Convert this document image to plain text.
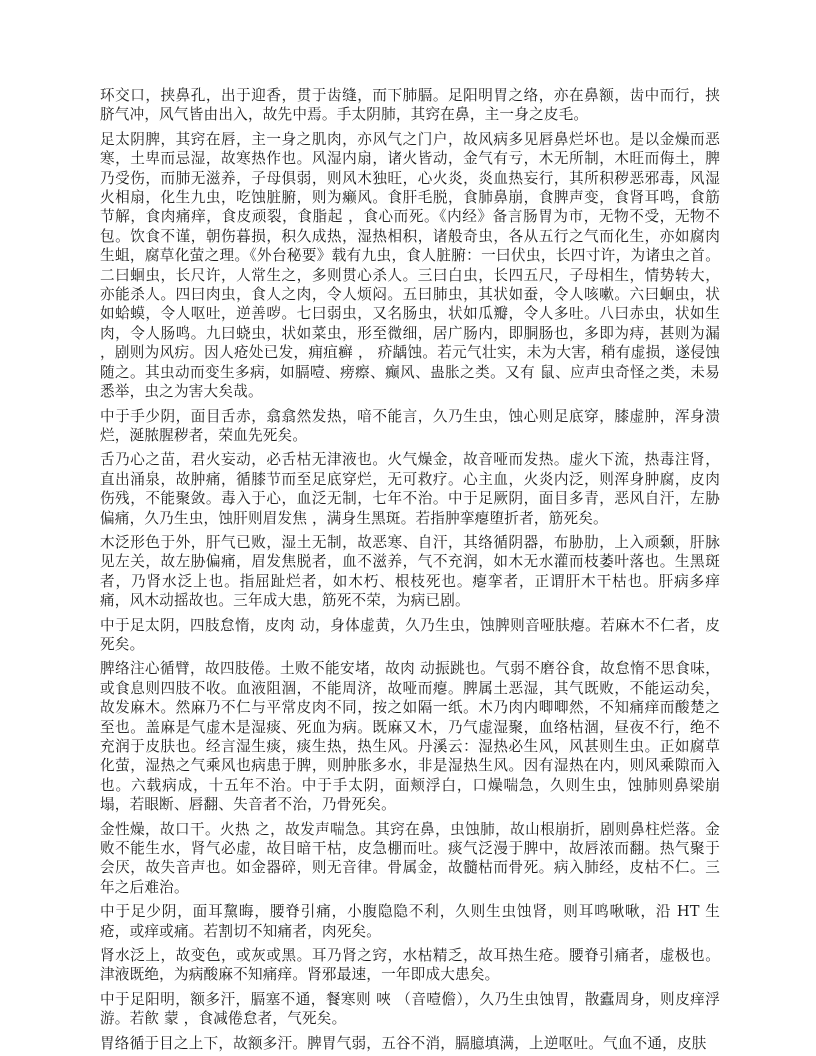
环交口，挟鼻孔，出于迎香，贯于齿缝，而下肺膈。足阳明胃之络，亦在鼻额，齿中而行，挟脐气冲，风气皆由出入，故先中焉。手太阴肺，其窍在鼻，主一身之皮毛。

足太阴脾，其窍在唇，主一身之肌肉，亦风气之门户，故风病多见唇鼻烂坏也。是以金燥而恶寒，土卑而忌湿，故寒热作也。风湿内扇，诸火皆动，金气有亏，木无所制，木旺而侮土，脾乃受伤，而肺无滋养，子母俱弱，则风木独旺，心火炎，炎血热妄行，其所积秽恶邪毒，风湿火相扇，化生九虫，吃蚀脏腑，则为癞风。食肝毛脱，食肺鼻崩，食脾声变，食肾耳鸣，食筋节解，食肉痛痒，食皮顽裂，食脂起 ，食心而死。《内经》备言肠胃为市，无物不受，无物不包。饮食不谨，朝伤暮损，积久成热，湿热相积，诸般奇虫，各从五行之气而化生，亦如腐肉生蛆，腐草化萤之理。《外台秘要》载有九虫，食人脏腑：一曰伏虫，长四寸许，为诸虫之首。二曰蛔虫，长尺许，人常生之，多则贯心杀人。三曰白虫，长四五尺，子母相生，情势转大，亦能杀人。四曰肉虫，食人之肉，令人烦闷。五曰肺虫，其状如蚕，令人咳嗽。六曰蛔虫，状如蛤蟆，令人呕吐，逆善哕。七曰弱虫，又名肠虫，状如瓜瓣，令人多吐。八曰赤虫，状如生肉，令人肠鸣。九曰蛲虫，状如菜虫，形至微细，居广肠内，即胴肠也，多即为痔，甚则为漏 ，剧则为风疠。因人疮处已发，痈疽癣 ， 疥龋蚀。若元气壮实，未为大害，稍有虚损，遂侵蚀随之。其虫动而变生多病，如膈噎、痨瘵、癫风、蛊胀之类。又有 鼠、应声虫奇怪之类，未易悉举，虫之为害大矣哉。

中于手少阴，面目舌赤，翕翕然发热，喑不能言，久乃生虫，蚀心则足底穿，膝虚肿，浑身溃烂，涎脓腥秽者，荣血先死矣。

舌乃心之苗，君火妄动，必舌枯无津液也。火气燥金，故音哑而发热。虚火下流，热毒注肾，直出涌泉，故肿痛，循膝节而至足底穿烂，无可救疗。心主血，火炎内泛，则浑身肿腐，皮肉伤残，不能聚敛。毒入于心，血泛无制，七年不治。中于足厥阴，面目多青，恶风自汗，左胁偏痛，久乃生虫，蚀肝则眉发焦 ，满身生黑斑。若指肿挛瘪堕折者，筋死矣。

木泛形色于外，肝气已败，湿土无制，故恶寒、自汗，其络循阴器，布胁肋，上入顽颡，肝脉见左关，故左胁偏痛，眉发焦脱者，血不滋养，气不充润，如木无水灌而枝萎叶落也。生黑斑者，乃肾水泛上也。指屈趾烂者，如木朽、根枝死也。瘪挛者，正谓肝木干枯也。肝病多痒痛，风木动摇故也。三年成大患，筋死不荣，为病已剧。

中于足太阴，四肢怠惰，皮肉 动，身体虚黄，久乃生虫，蚀脾则音哑肤瘪。若麻木不仁者，皮死矣。

脾络注心循臂，故四肢倦。土败不能安堵，故肉 动振跳也。气弱不磨谷食，故怠惰不思食味，或食息则四肢不收。血液阻涸，不能周济，故哑而瘪。脾属土恶湿，其气既败，不能运动矣，故发麻木。然麻乃不仁与平常皮肉不同，按之如隔一纸。木乃肉内唧唧然，不知痛痒而酸楚之至也。盖麻是气虚木是湿痰、死血为病。既麻又木，乃气虚湿聚，血络枯涸，昼夜不行，绝不充润于皮肤也。经言湿生痰，痰生热，热生风。丹溪云：湿热必生风，风甚则生虫。正如腐草化萤，湿热之气乘风也病患于脾，则肿胀多水，非是湿热生风。因有湿热在内，则风乘隙而入也。六载病成，十五年不治。中于手太阴，面颊浮白，口燥喘急，久则生虫，蚀肺则鼻梁崩塌，若眼断、唇翻、失音者不治，乃骨死矣。

金性燥，故口干。火热 之，故发声喘急。其窍在鼻，虫蚀肺，故山根崩折，剧则鼻柱烂落。金败不能生水，肾气必虚，故目暗干枯，皮急棚而吐。痰气泛漫于脾中，故唇浓而翻。热气聚于会厌，故失音声也。如金器碎，则无音律。骨属金，故髓枯而骨死。病入肺经，皮枯不仁。三年之后难治。

中于足少阴，面耳黧晦，腰脊引痛，小腹隐隐不利，久则生虫蚀肾，则耳鸣啾啾，沿 HT 生疮，或痒或痛。若割切不知痛者，肉死矣。

肾水泛上，故变色，或灰或黑。耳乃肾之窍，水枯精乏，故耳热生疮。腰脊引痛者，虚极也。津液既绝，为病酸麻不知痛痒。肾邪最速，一年即成大患矣。

中于足阳明，额多汗，膈塞不通，餐寒则 唊 （音噎儋），久乃生虫蚀胃，散蠹周身，则皮痒浮游。若飮 蒙 ，食减倦怠者，气死矣。

胃络循于目之上下，故额多汗。脾胃气弱，五谷不消，膈臆填满，上逆呕吐。气血不通，皮肤
